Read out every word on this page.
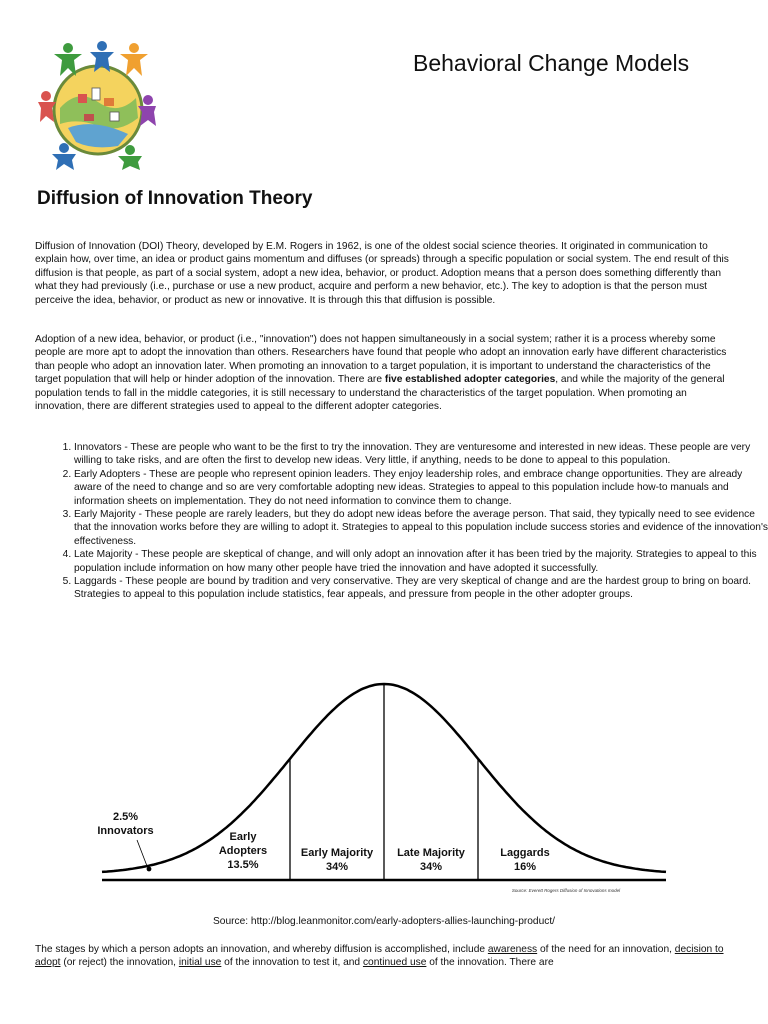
Behavioral Change Models
Diffusion of Innovation Theory

Diffusion of Innovation (DOI) Theory, developed by E.M. Rogers in 1962, is one of the oldest social science theories. It originated in communication to explain how, over time, an idea or product gains momentum and diffuses (or spreads) through a specific population or social system. The end result of this diffusion is that people, as part of a social system, adopt a new idea, behavior, or product. Adoption means that a person does something differently than what they had previously (i.e., purchase or use a new product, acquire and perform a new behavior, etc.). The key to adoption is that the person must perceive the idea, behavior, or product as new or innovative. It is through this that diffusion is possible.

Adoption of a new idea, behavior, or product (i.e., "innovation") does not happen simultaneously in a social system; rather it is a process whereby some people are more apt to adopt the innovation than others. Researchers have found that people who adopt an innovation early have different characteristics than people who adopt an innovation later. When promoting an innovation to a target population, it is important to understand the characteristics of the target population that will help or hinder adoption of the innovation. There are five established adopter categories, and while the majority of the general population tends to fall in the middle categories, it is still necessary to understand the characteristics of the target population. When promoting an innovation, there are different strategies used to appeal to the different adopter categories.

1. Innovators - These are people who want to be the first to try the innovation. They are venturesome and interested in new ideas. These people are very willing to take risks, and are often the first to develop new ideas. Very little, if anything, needs to be done to appeal to this population.
2. Early Adopters - These are people who represent opinion leaders. They enjoy leadership roles, and embrace change opportunities. They are already aware of the need to change and so are very comfortable adopting new ideas. Strategies to appeal to this population include how-to manuals and information sheets on implementation. They do not need information to convince them to change.
3. Early Majority - These people are rarely leaders, but they do adopt new ideas before the average person. That said, they typically need to see evidence that the innovation works before they are willing to adopt it. Strategies to appeal to this population include success stories and evidence of the innovation's effectiveness.
4. Late Majority - These people are skeptical of change, and will only adopt an innovation after it has been tried by the majority. Strategies to appeal to this population include information on how many other people have tried the innovation and have adopted it successfully.
5. Laggards - These people are bound by tradition and very conservative. They are very skeptical of change and are the hardest group to bring on board. Strategies to appeal to this population include statistics, fear appeals, and pressure from people in the other adopter groups.
2.5%
Innovators	Early
Adopters
13.5%
Early Majority
34%
Late Majority
34%
Laggards
16%
Source: Everett Rogers Diffusion of Innovations model
Source: http://blog.leanmonitor.com/early-adopters-allies-launching-product/

The stages by which a person adopts an innovation, and whereby diffusion is accomplished, include awareness of the need for an innovation, decision to adopt (or reject) the innovation, initial use of the innovation to test it, and continued use of the innovation. There are
